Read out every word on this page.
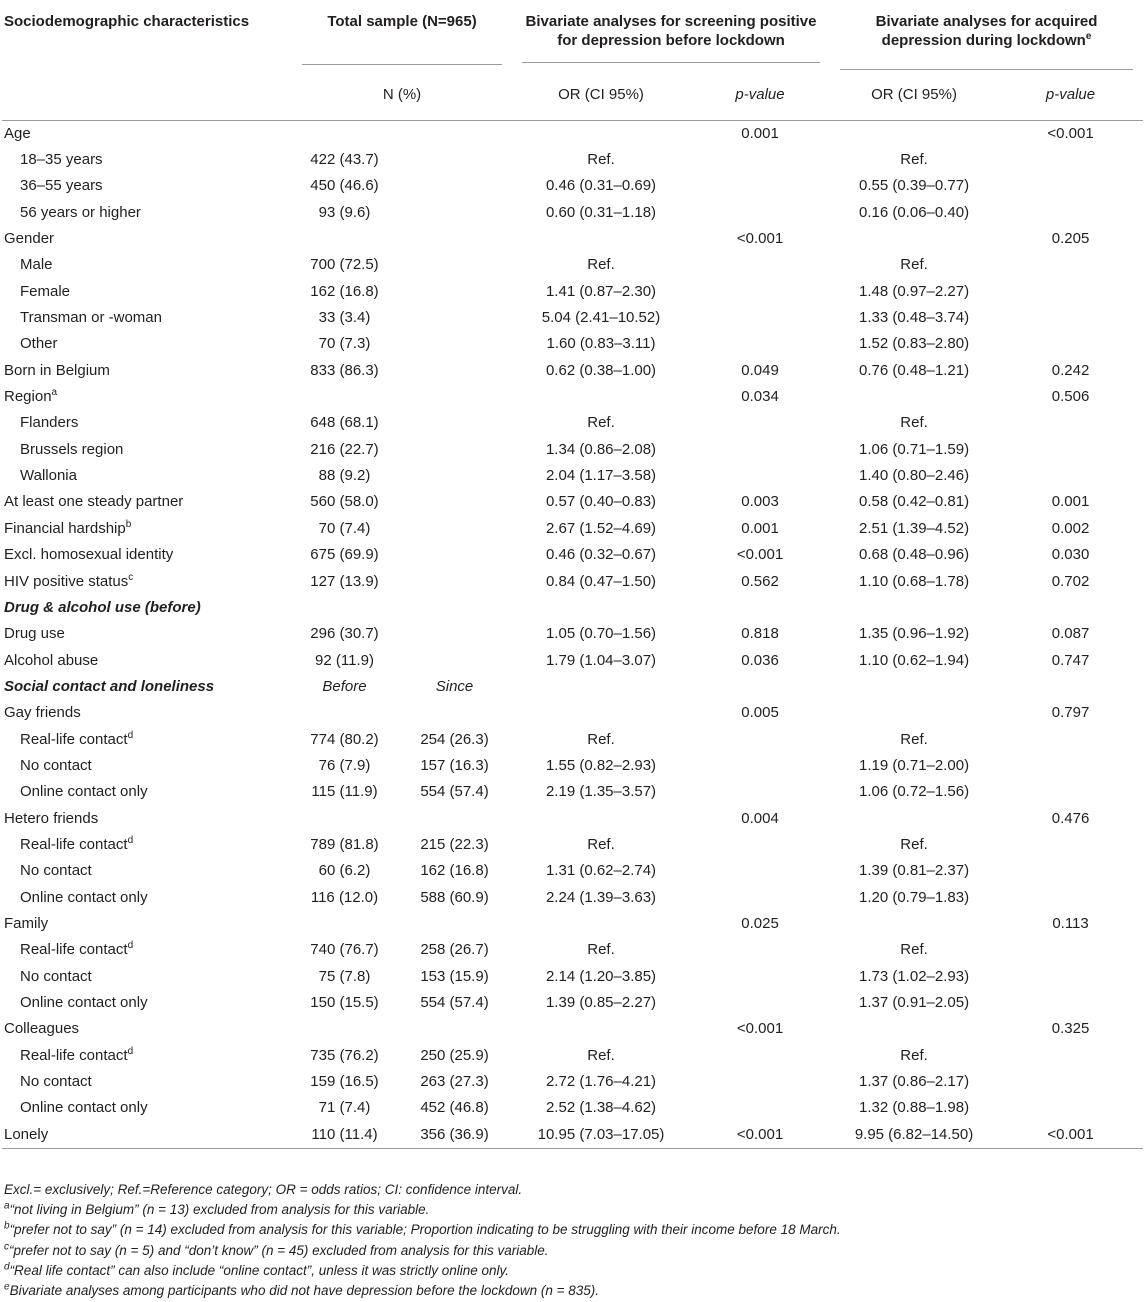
Sociodemographic characteristics	Total sample (N=965)		Bivariate analyses for screening positive for depression before lockdown		Bivariate analyses for acquired depression during lockdown$^e$

	N (%)		OR (CI 95%)	p-value	OR (CI 95%)	p-value
Age				0.001		<0.001
18–35 years	422 (43.7)		Ref.		Ref.	
36–55 years	450 (46.6)		0.46 (0.31–0.69)		0.55 (0.39–0.77)	
56 years or higher	93 (9.6)		0.60 (0.31–1.18)		0.16 (0.06–0.40)	
Gender				<0.001		0.205
Male	700 (72.5)		Ref.		Ref.	
Female	162 (16.8)		1.41 (0.87–2.30)		1.48 (0.97–2.27)	
Transman or -woman	33 (3.4)		5.04 (2.41–10.52)		1.33 (0.48–3.74)	
Other	70 (7.3)		1.60 (0.83–3.11)		1.52 (0.83–2.80)	
Born in Belgium	833 (86.3)		0.62 (0.38–1.00)	0.049	0.76 (0.48–1.21)	0.242
Region$^a$				0.034		0.506
Flanders	648 (68.1)		Ref.		Ref.	
Brussels region	216 (22.7)		1.34 (0.86–2.08)		1.06 (0.71–1.59)	
Wallonia	88 (9.2)		2.04 (1.17–3.58)		1.40 (0.80–2.46)	
At least one steady partner	560 (58.0)		0.57 (0.40–0.83)	0.003	0.58 (0.42–0.81)	0.001
Financial hardship$^b$	70 (7.4)		2.67 (1.52–4.69)	0.001	2.51 (1.39–4.52)	0.002
Excl. homosexual identity	675 (69.9)		0.46 (0.32–0.67)	<0.001	0.68 (0.48–0.96)	0.030
HIV positive status$^c$	127 (13.9)		0.84 (0.47–1.50)	0.562	1.10 (0.68–1.78)	0.702
Drug & alcohol use (before)						
Drug use	296 (30.7)		1.05 (0.70–1.56)	0.818	1.35 (0.96–1.92)	0.087
Alcohol abuse	92 (11.9)		1.79 (1.04–3.07)	0.036	1.10 (0.62–1.94)	0.747
Social contact and loneliness	Before	Since				
Gay friends				0.005		0.797
Real-life contact$^d$	774 (80.2)	254 (26.3)	Ref.		Ref.	
No contact	76 (7.9)	157 (16.3)	1.55 (0.82–2.93)		1.19 (0.71–2.00)	
Online contact only	115 (11.9)	554 (57.4)	2.19 (1.35–3.57)		1.06 (0.72–1.56)	
Hetero friends				0.004		0.476
Real-life contact$^d$	789 (81.8)	215 (22.3)	Ref.		Ref.	
No contact	60 (6.2)	162 (16.8)	1.31 (0.62–2.74)		1.39 (0.81–2.37)	
Online contact only	116 (12.0)	588 (60.9)	2.24 (1.39–3.63)		1.20 (0.79–1.83)	
Family				0.025		0.113
Real-life contact$^d$	740 (76.7)	258 (26.7)	Ref.		Ref.	
No contact	75 (7.8)	153 (15.9)	2.14 (1.20–3.85)		1.73 (1.02–2.93)	
Online contact only	150 (15.5)	554 (57.4)	1.39 (0.85–2.27)		1.37 (0.91–2.05)	
Colleagues				<0.001		0.325
Real-life contact$^d$	735 (76.2)	250 (25.9)	Ref.		Ref.	
No contact	159 (16.5)	263 (27.3)	2.72 (1.76–4.21)		1.37 (0.86–2.17)	
Online contact only	71 (7.4)	452 (46.8)	2.52 (1.38–4.62)		1.32 (0.88–1.98)	
Lonely	110 (11.4)	356 (36.9)	10.95 (7.03–17.05)	<0.001	9.95 (6.82–14.50)	<0.001
Excl.= exclusively; Ref.=Reference category; OR = odds ratios; CI: confidence interval.
$^a$“not living in Belgium” (n = 13) excluded from analysis for this variable.
$^b$“prefer not to say” (n = 14) excluded from analysis for this variable; Proportion indicating to be struggling with their income before 18 March.
$^c$“prefer not to say (n = 5) and “don’t know” (n = 45) excluded from analysis for this variable.
$^d$“Real life contact” can also include “online contact”, unless it was strictly online only.
$^e$Bivariate analyses among participants who did not have depression before the lockdown (n = 835).
